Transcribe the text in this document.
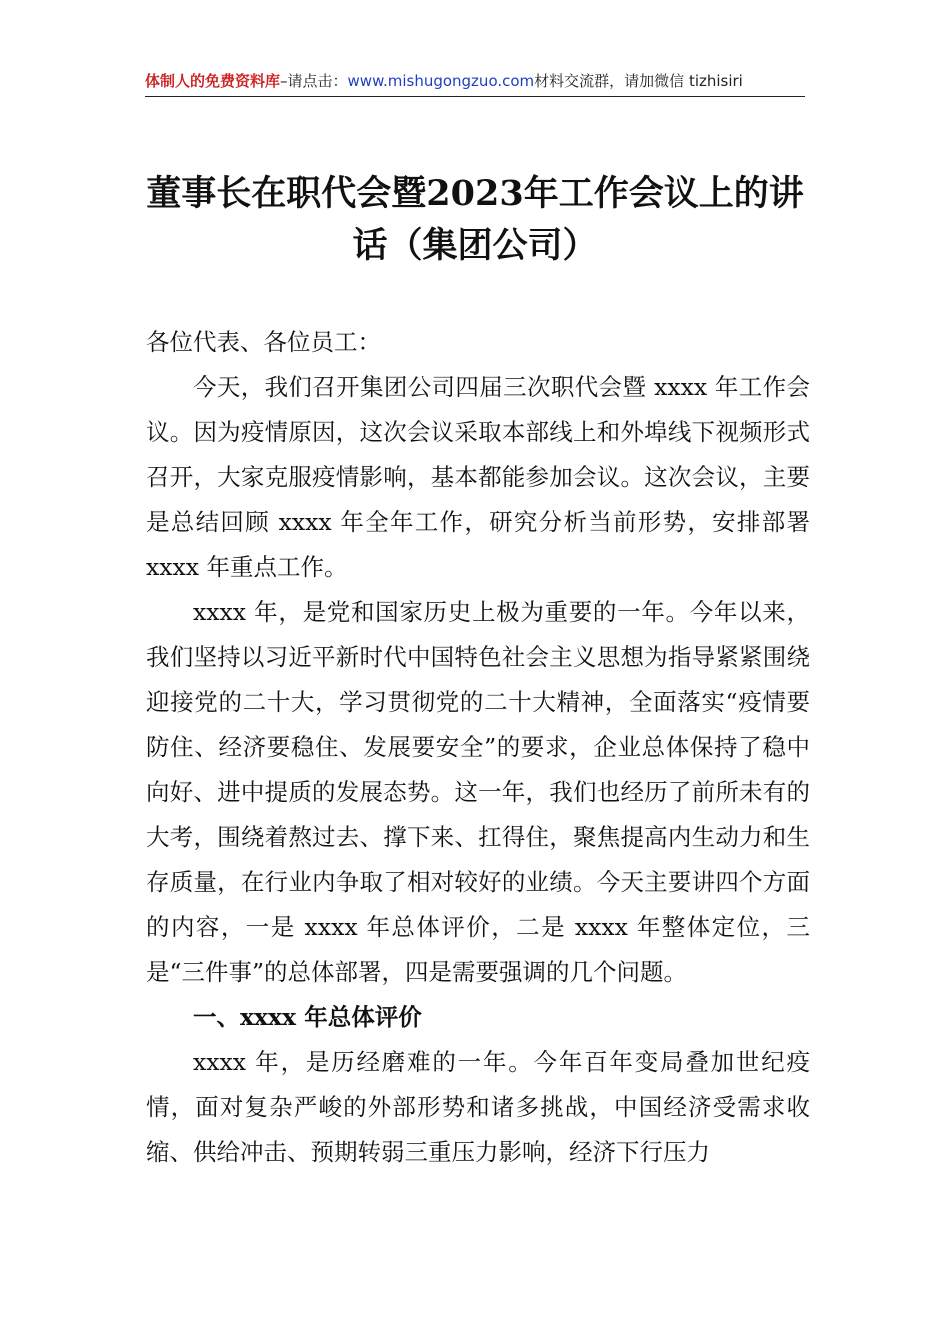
体制人的免费资料库–请点击：www.mishugongzuo.com材料交流群，请加微信 tizhisiri
董事长在职代会暨2023年工作会议上的讲
话（集团公司）

各位代表、各位员工：

今天，我们召开集团公司四届三次职代会暨 xxxx 年工作会议。因为疫情原因，这次会议采取本部线上和外埠线下视频形式召开，大家克服疫情影响，基本都能参加会议。这次会议，主要是总结回顾 xxxx 年全年工作，研究分析当前形势，安排部署 xxxx 年重点工作。

xxxx 年，是党和国家历史上极为重要的一年。今年以来，我们坚持以习近平新时代中国特色社会主义思想为指导紧紧围绕迎接党的二十大，学习贯彻党的二十大精神，全面落实“疫情要防住、经济要稳住、发展要安全”的要求，企业总体保持了稳中向好、进中提质的发展态势。这一年，我们也经历了前所未有的大考，围绕着熬过去、撑下来、扛得住，聚焦提高内生动力和生存质量，在行业内争取了相对较好的业绩。今天主要讲四个方面的内容，一是 xxxx 年总体评价，二是 xxxx 年整体定位，三是“三件事”的总体部署，四是需要强调的几个问题。

一、xxxx 年总体评价

xxxx 年，是历经磨难的一年。今年百年变局叠加世纪疫情，面对复杂严峻的外部形势和诸多挑战，中国经济受需求收缩、供给冲击、预期转弱三重压力影响，经济下行压力
